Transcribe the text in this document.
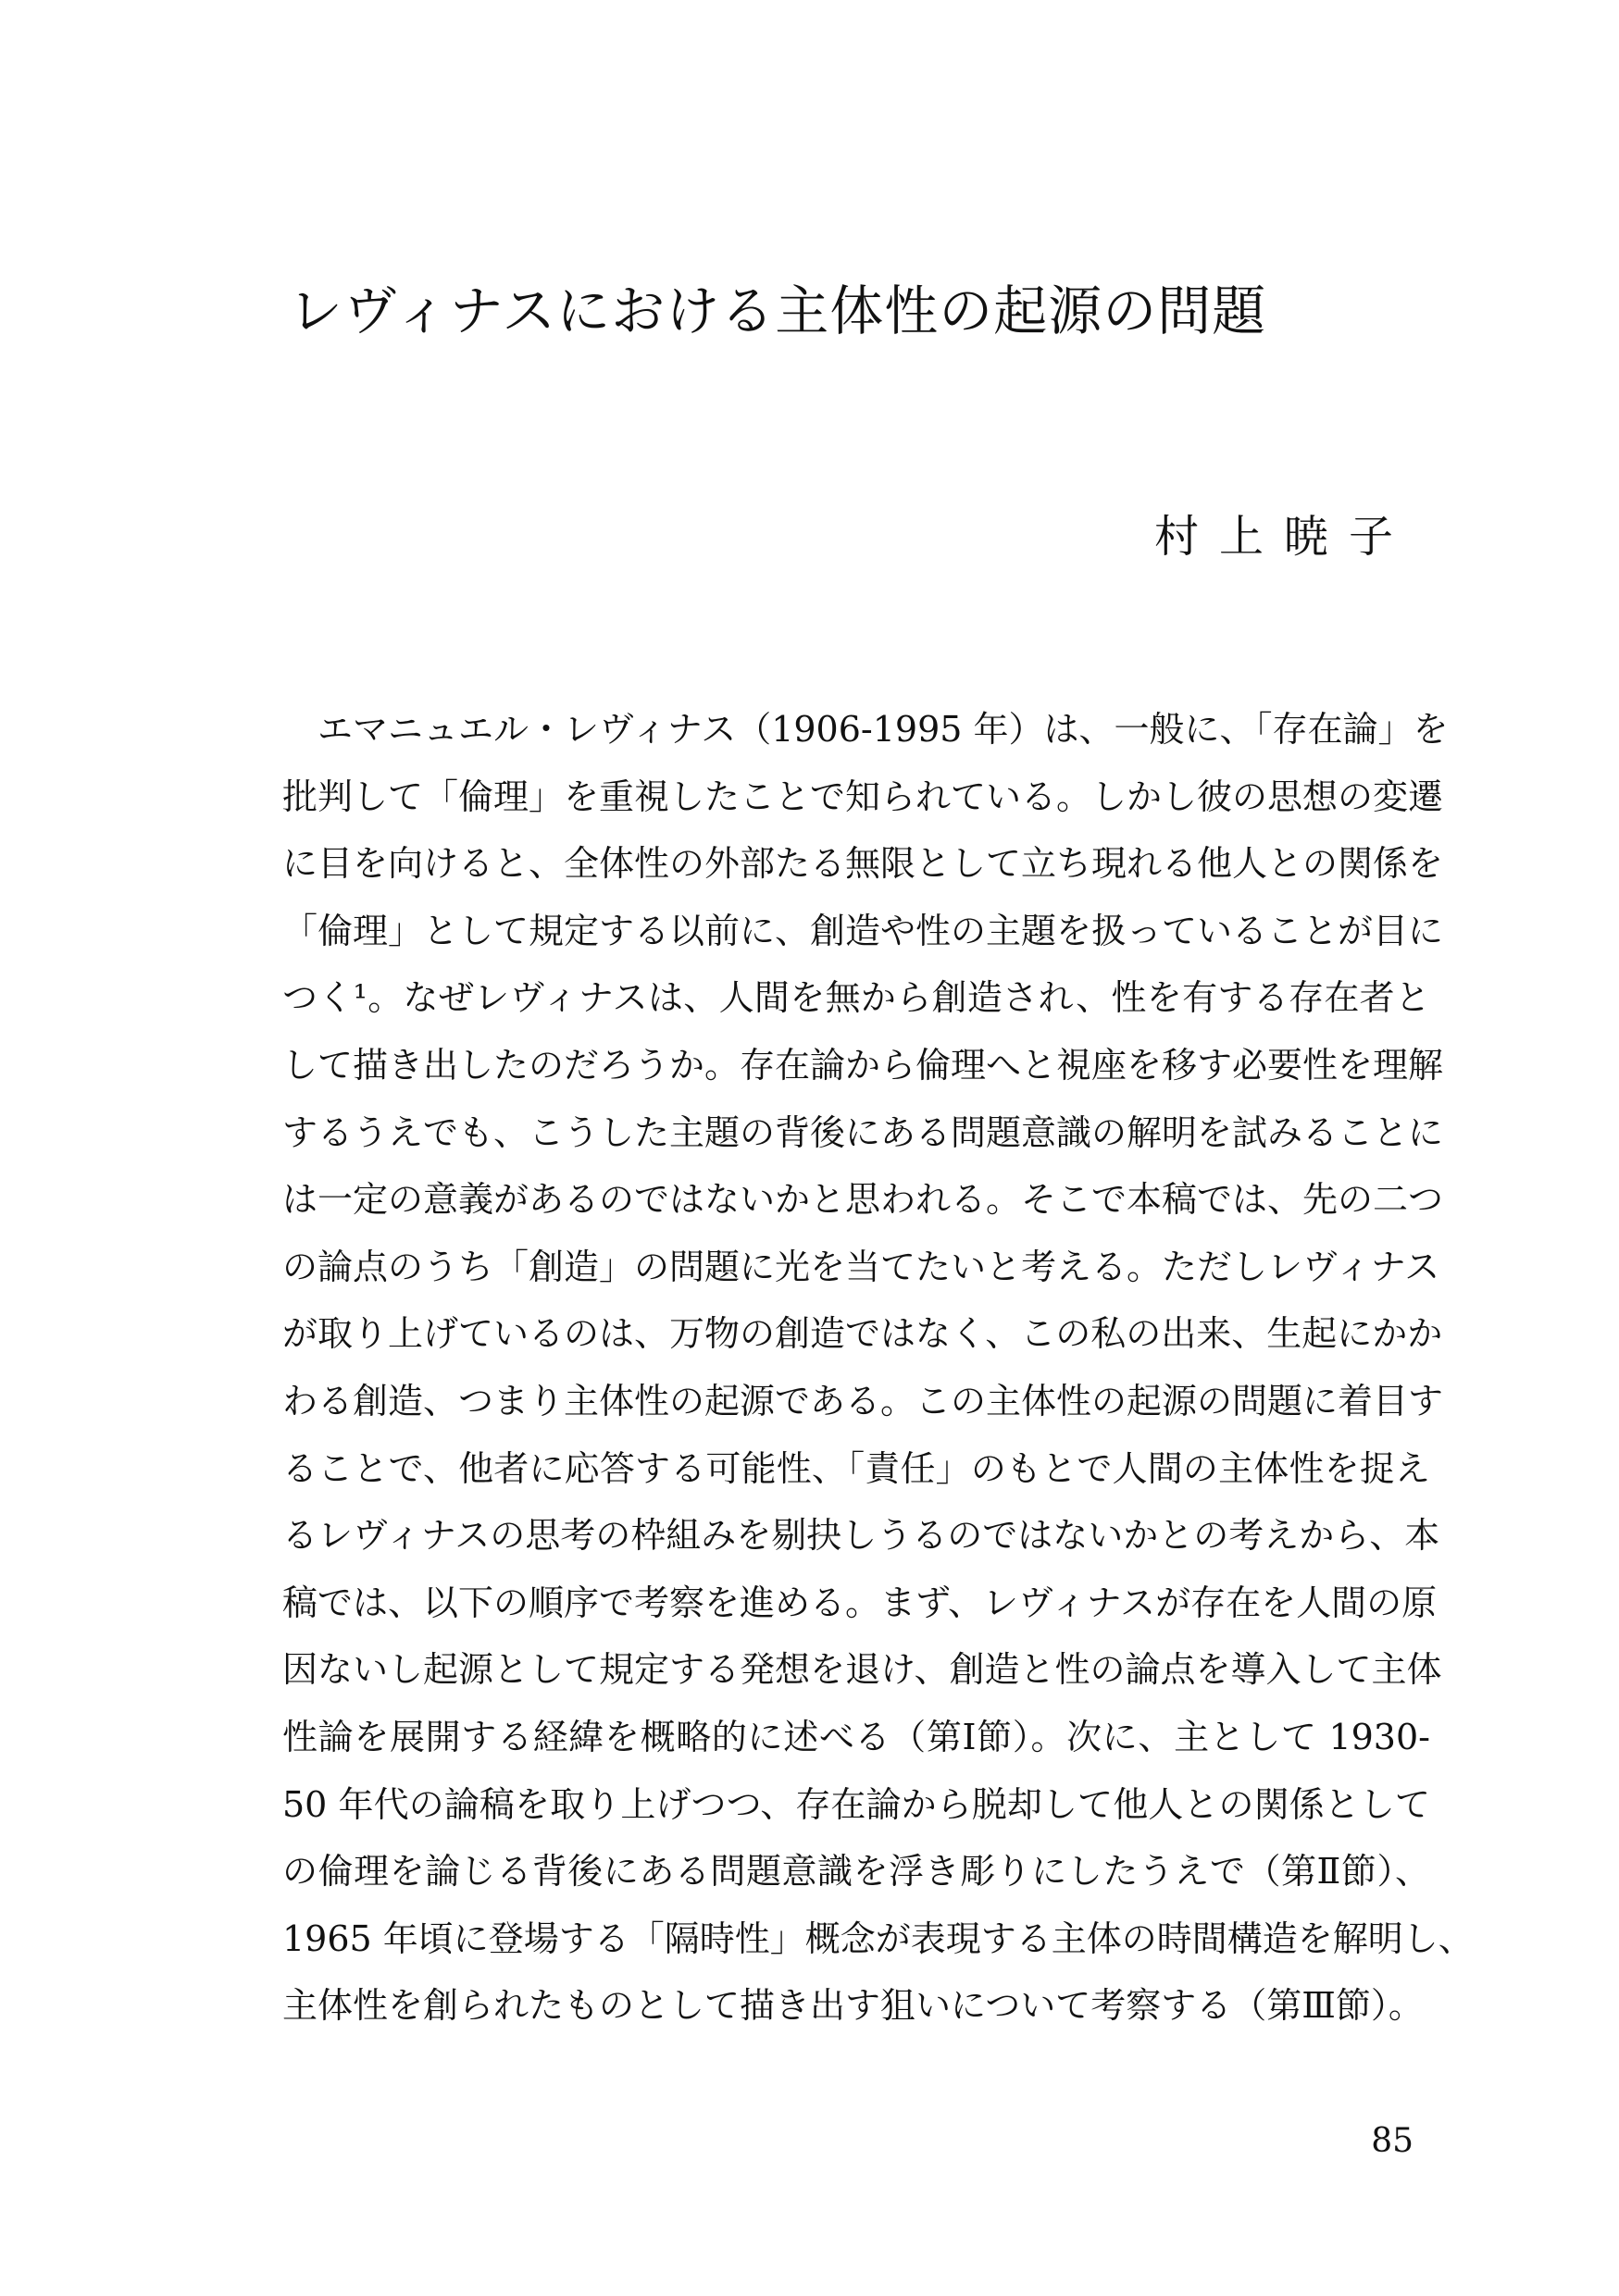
レヴィナスにおける主体性の起源の問題
村上暁子
エマニュエル・レヴィナス（1906-1995 年）は、一般に、「存在論」を
批判して「倫理」を重視したことで知られている。しかし彼の思想の変遷
に目を向けると、全体性の外部たる無限として立ち現れる他人との関係を
「倫理」として規定する以前に、創造や性の主題を扱っていることが目に
つく¹。なぜレヴィナスは、人間を無から創造され、性を有する存在者と
して描き出したのだろうか。存在論から倫理へと視座を移す必要性を理解
するうえでも、こうした主題の背後にある問題意識の解明を試みることに
は一定の意義があるのではないかと思われる。そこで本稿では、先の二つ
の論点のうち「創造」の問題に光を当てたいと考える。ただしレヴィナス
が取り上げているのは、万物の創造ではなく、この私の出来、生起にかか
わる創造、つまり主体性の起源である。この主体性の起源の問題に着目す
ることで、他者に応答する可能性、「責任」のもとで人間の主体性を捉え
るレヴィナスの思考の枠組みを剔抉しうるのではないかとの考えから、本
稿では、以下の順序で考察を進める。まず、レヴィナスが存在を人間の原
因ないし起源として規定する発想を退け、創造と性の論点を導入して主体
性論を展開する経緯を概略的に述べる（第Ⅰ節）。次に、主として 1930-
50 年代の論稿を取り上げつつ、存在論から脱却して他人との関係として
の倫理を論じる背後にある問題意識を浮き彫りにしたうえで（第Ⅱ節）、
1965 年頃に登場する「隔時性」概念が表現する主体の時間構造を解明し、
主体性を創られたものとして描き出す狙いについて考察する（第Ⅲ節）。
85
